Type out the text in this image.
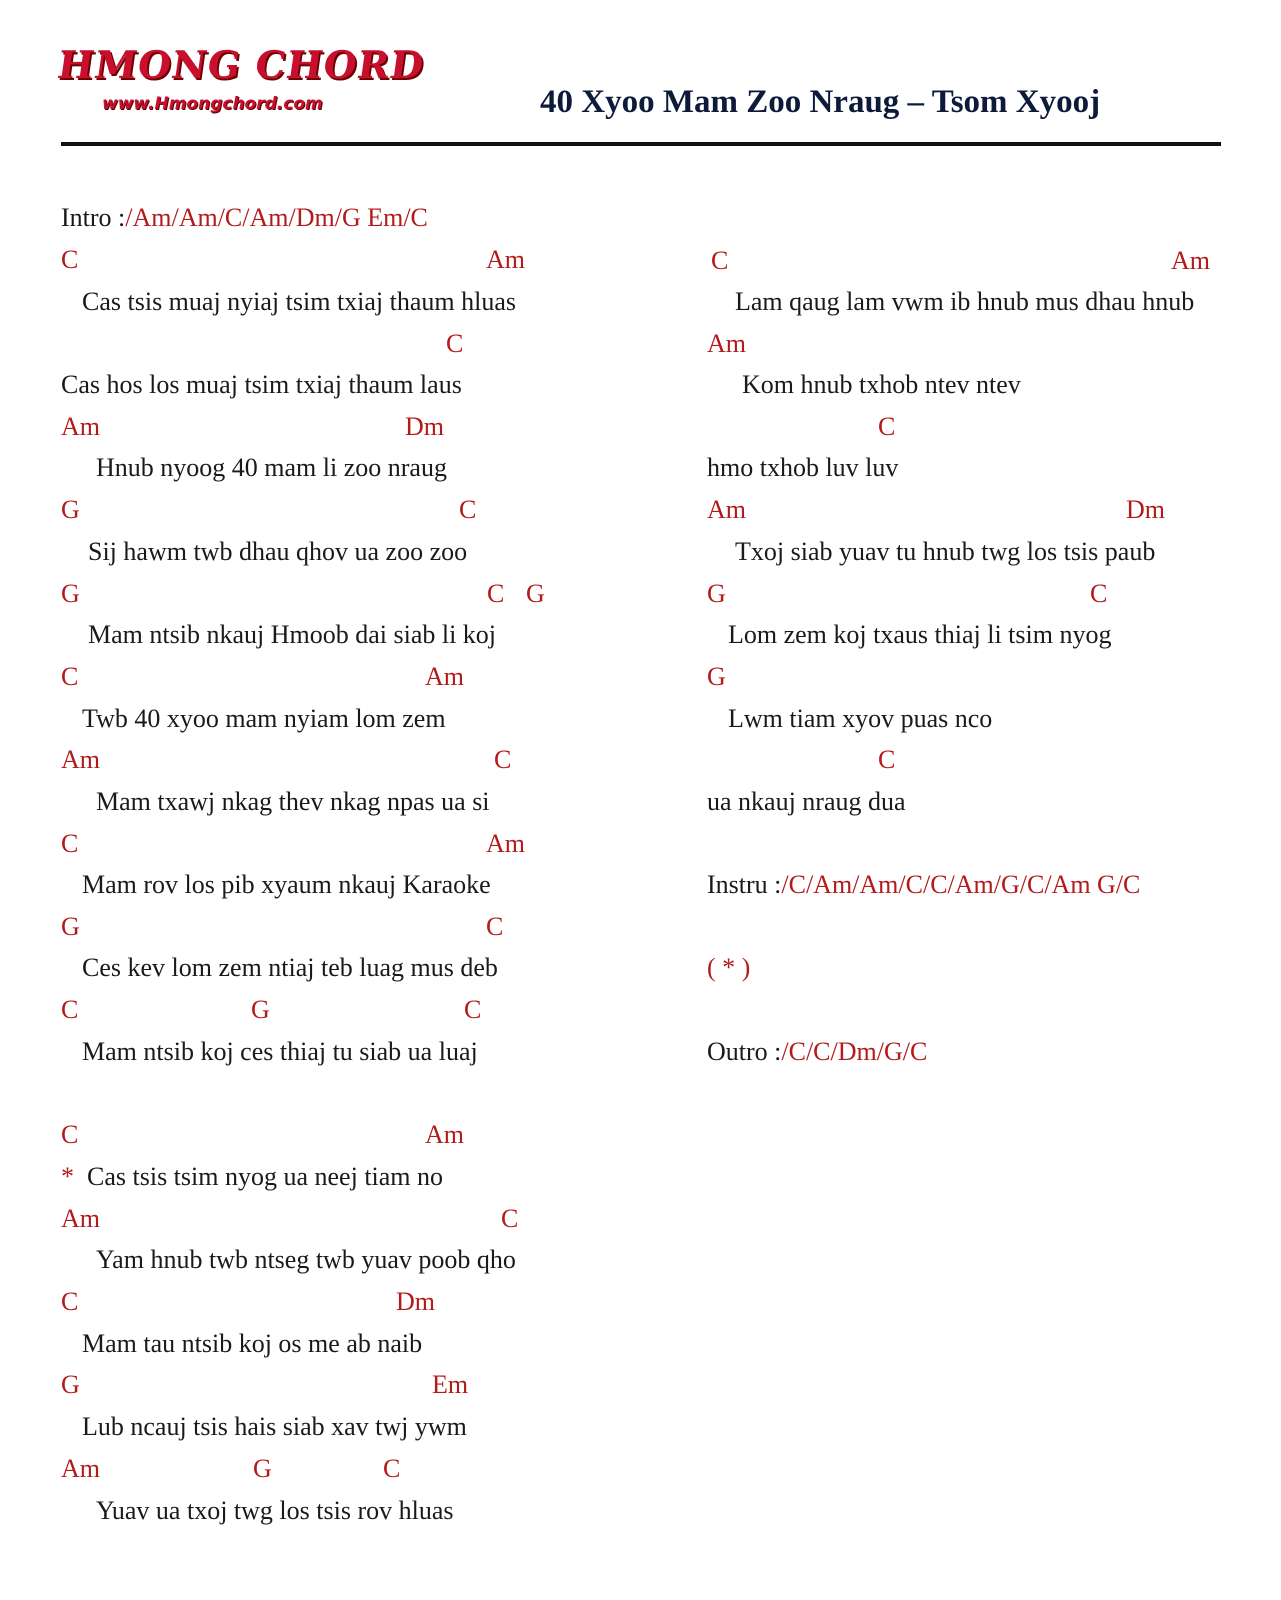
HMONG CHORD
www.Hmongchord.com	40 Xyoo Mam Zoo Nraug – Tsom Xyooj
Intro :/Am/Am/C/Am/Dm/G Em/C
C	Am
Cas tsis muaj nyiaj tsim txiaj thaum hluas
C
Cas hos los muaj tsim txiaj thaum laus
Am	Dm
Hnub nyoog 40 mam li zoo nraug
G	C
Sij hawm twb dhau qhov ua zoo zoo
G	C G
Mam ntsib nkauj Hmoob dai siab li koj
C	Am
Twb 40 xyoo mam nyiam lom zem
Am	C
Mam txawj nkag thev nkag npas ua si
C	Am
Mam rov los pib xyaum nkauj Karaoke
G	C
Ces kev lom zem ntiaj teb luag mus deb
C	G	C
Mam ntsib koj ces thiaj tu siab ua luaj
C	Am
* Cas tsis tsim nyog ua neej tiam no
Am	C
Yam hnub twb ntseg twb yuav poob qho
C	Dm
Mam tau ntsib koj os me ab naib
G	Em
Lub ncauj tsis hais siab xav twj ywm
Am	G	C
Yuav ua txoj twg los tsis rov hluas
C	Am
Lam qaug lam vwm ib hnub mus dhau hnub
Am
Kom hnub txhob ntev ntev
C
hmo txhob luv luv
Am	Dm
Txoj siab yuav tu hnub twg los tsis paub
G	C
Lom zem koj txaus thiaj li tsim nyog
G
Lwm tiam xyov puas nco
C
ua nkauj nraug dua
Instru :/C/Am/Am/C/C/Am/G/C/Am G/C
( * )
Outro :/C/C/Dm/G/C
